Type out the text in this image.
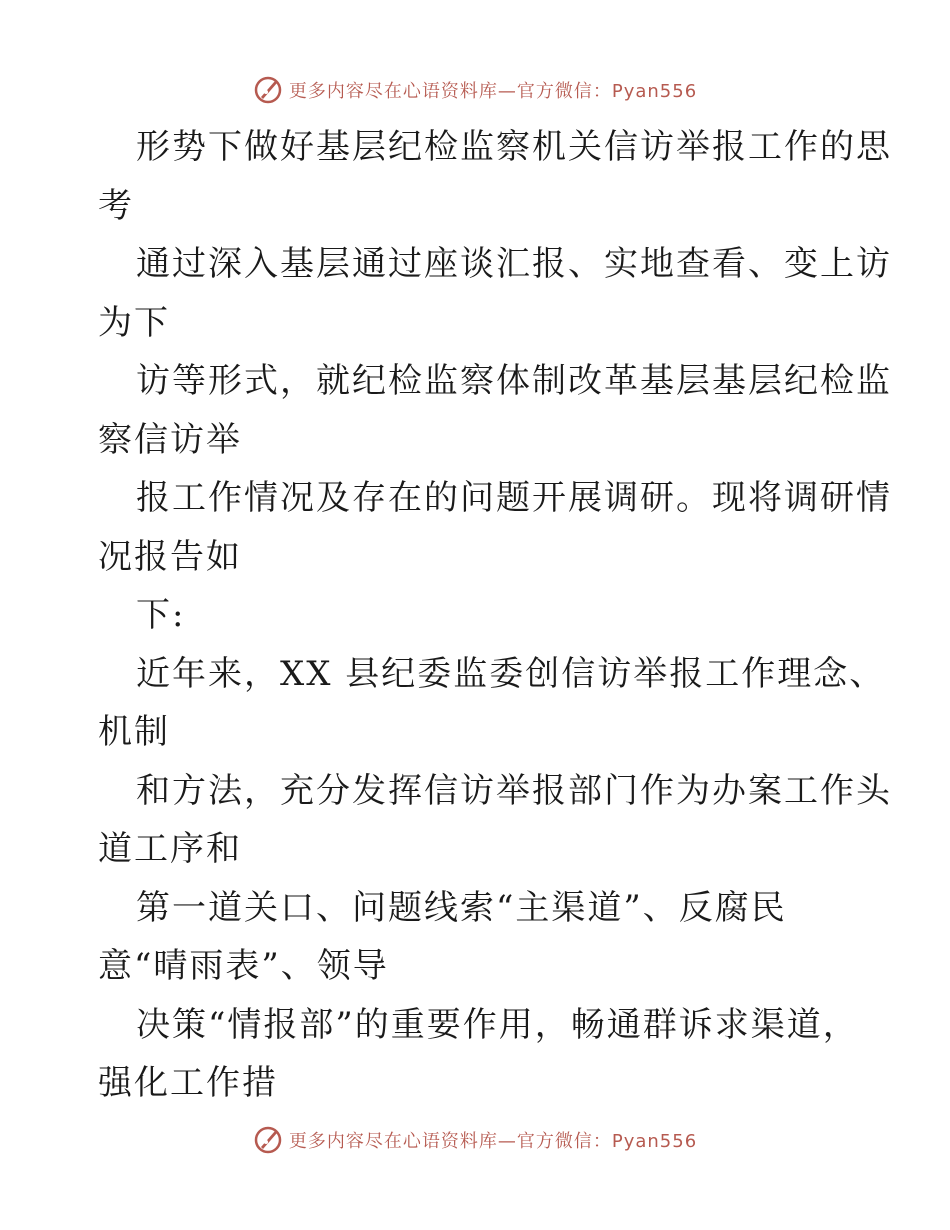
更多内容尽在心语资料库—官方微信：Pyan556
形势下做好基层纪检监察机关信访举报工作的思
考
通过深入基层通过座谈汇报、实地查看、变上访
为下
访等形式，就纪检监察体制改革基层基层纪检监
察信访举
报工作情况及存在的问题开展调研。现将调研情
况报告如
下:
近年来，XX 县纪委监委创信访举报工作理念、
机制
和方法，充分发挥信访举报部门作为办案工作头
道工序和
第一道关口、问题线索“主渠道”、反腐民
意“晴雨表”、领导
决策“情报部”的重要作用，畅通群诉求渠道，
强化工作措
更多内容尽在心语资料库—官方微信：Pyan556
